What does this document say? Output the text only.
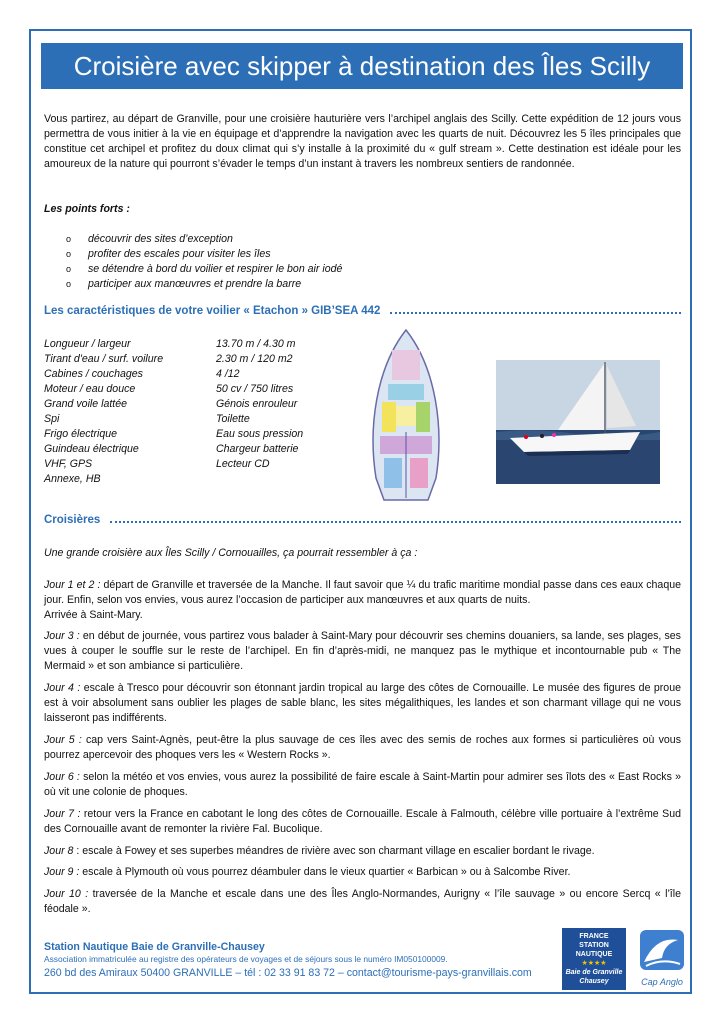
Croisière avec skipper à destination des Îles Scilly
Vous partirez, au départ de Granville, pour une croisière hauturière vers l’archipel anglais des Scilly. Cette expédition de 12 jours vous permettra de vous initier à la vie en équipage et d’apprendre la navigation avec les quarts de nuit. Découvrez les 5 îles principales que constitue cet archipel et profitez du doux climat qui s’y installe à la proximité du « gulf stream ». Cette destination est idéale pour les amoureux de la nature qui pourront s’évader le temps d’un instant à travers les nombreux sentiers de randonnée.
Les points forts :
o découvrir des sites d’exception
o profiter des escales pour visiter les îles
o se détendre à bord du voilier et respirer le bon air iodé
o participer aux manœuvres et prendre la barre
Les caractéristiques de votre voilier « Etachon » GIB’SEA 442
Longueur / largeur	13.70 m / 4.30 m
Tirant d'eau / surf. voilure	2.30 m / 120 m2
Cabines / couchages	4 /12
Moteur / eau douce	50 cv / 750 litres
Grand voile lattée	Génois enrouleur
Spi	Toilette
Frigo électrique	Eau sous pression
Guindeau électrique	Chargeur batterie
VHF, GPS	Lecteur CD
Annexe, HB
Croisières
Une grande croisière aux Îles Scilly / Cornouailles, ça pourrait ressembler à ça :
Jour 1 et 2 : départ de Granville et traversée de la Manche. Il faut savoir que ¼ du trafic maritime mondial passe dans ces eaux chaque jour. Enfin, selon vos envies, vous aurez l’occasion de participer aux manœuvres et aux quarts de nuits.
Arrivée à Saint-Mary.
Jour 3 : en début de journée, vous partirez vous balader à Saint-Mary pour découvrir ses chemins douaniers, sa lande, ses plages, ses vues à couper le souffle sur le reste de l’archipel. En fin d’après-midi, ne manquez pas le mythique et incontournable pub « The Mermaid » et son ambiance si particulière.
Jour 4 : escale à Tresco pour découvrir son étonnant jardin tropical au large des côtes de Cornouaille. Le musée des figures de proue est à voir absolument sans oublier les plages de sable blanc, les sites mégalithiques, les landes et son charmant village qui ne vous laisseront pas indifférents.
Jour 5 : cap vers Saint-Agnès, peut-être la plus sauvage de ces îles avec des semis de roches aux formes si particulières où vous pourrez apercevoir des phoques vers les « Western Rocks ».
Jour 6 : selon la météo et vos envies, vous aurez la possibilité de faire escale à Saint-Martin pour admirer ses îlots des « East Rocks » où vit une colonie de phoques.
Jour 7 : retour vers la France en cabotant le long des côtes de Cornouaille. Escale à Falmouth, célèbre ville portuaire à l’extrême Sud des Cornouaille avant de remonter la rivière Fal. Bucolique.
Jour 8 : escale à Fowey et ses superbes méandres de rivière avec son charmant village en escalier bordant le rivage.
Jour 9 : escale à Plymouth où vous pourrez déambuler dans le vieux quartier « Barbican » ou à Salcombe River.
Jour 10 : traversée de la Manche et escale dans une des Îles Anglo-Normandes, Aurigny « l’île sauvage » ou encore Sercq « l’île féodale ».
Station Nautique Baie de Granville-Chausey
Association immatriculée au registre des opérateurs de voyages et de séjours sous le numéro IM050100009.
260 bd des Amiraux 50400 GRANVILLE – tél : 02 33 91 83 72 – contact@tourisme-pays-granvillais.com
FRANCE
STATION
NAUTIQUE
★★★★
Baie de Granville
Chausey	Cap Anglo
